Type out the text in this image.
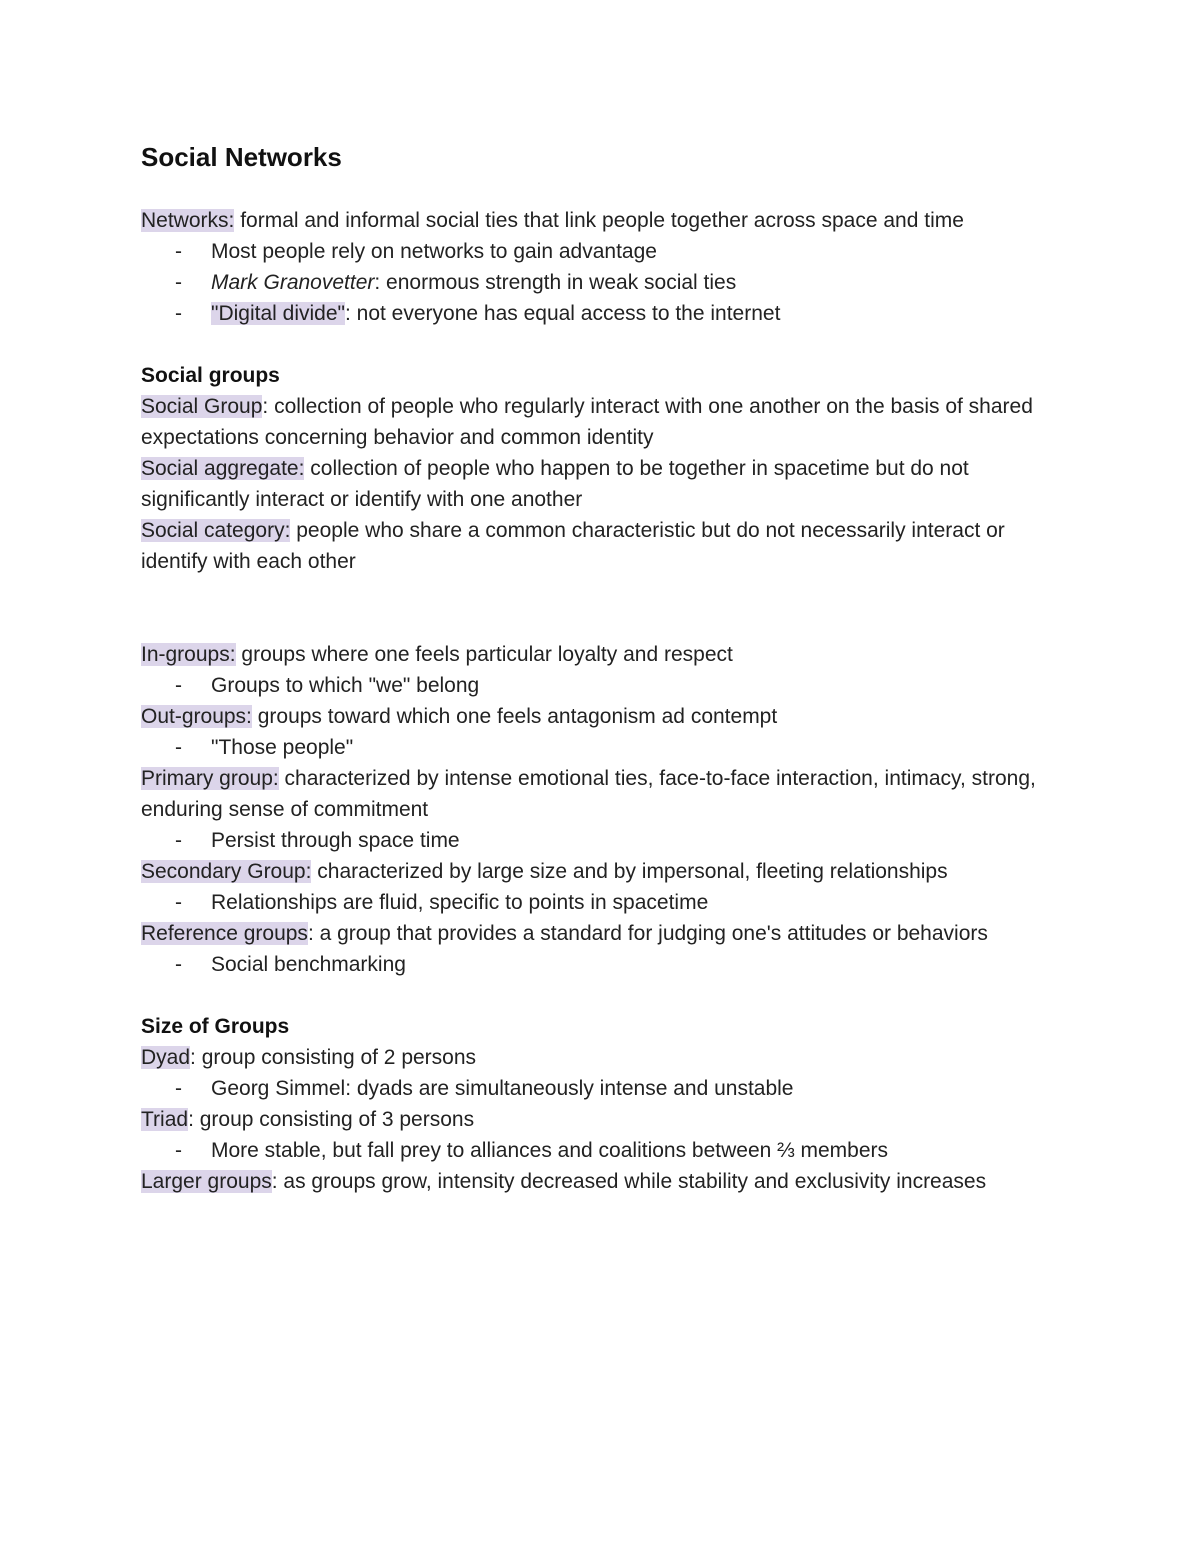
Social Networks

Networks: formal and informal social ties that link people together across space and time

- Most people rely on networks to gain advantage
- Mark Granovetter: enormous strength in weak social ties
- "Digital divide": not everyone has equal access to the internet
Social groups

Social Group: collection of people who regularly interact with one another on the basis of shared expectations concerning behavior and common identity

Social aggregate: collection of people who happen to be together in spacetime but do not significantly interact or identify with one another

Social category: people who share a common characteristic but do not necessarily interact or identify with each other

In-groups: groups where one feels particular loyalty and respect

- Groups to which "we" belong

Out-groups: groups toward which one feels antagonism ad contempt

- "Those people"

Primary group: characterized by intense emotional ties, face-to-face interaction, intimacy, strong, enduring sense of commitment

- Persist through space time

Secondary Group: characterized by large size and by impersonal, fleeting relationships

- Relationships are fluid, specific to points in spacetime

Reference groups: a group that provides a standard for judging one's attitudes or behaviors

- Social benchmarking
Size of Groups

Dyad: group consisting of 2 persons

- Georg Simmel: dyads are simultaneously intense and unstable

Triad: group consisting of 3 persons

- More stable, but fall prey to alliances and coalitions between ⅔ members

Larger groups: as groups grow, intensity decreased while stability and exclusivity increases
